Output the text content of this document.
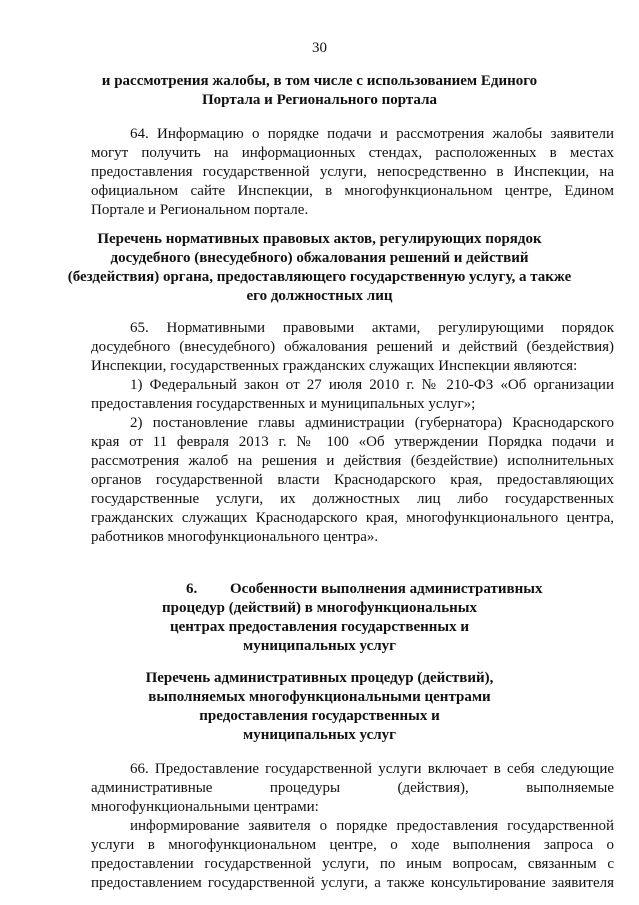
30
и рассмотрения жалобы, в том числе с использованием Единого
Портала и Регионального портала
64. Информацию о порядке подачи и рассмотрения жалобы заявители
могут получить на информационных стендах, расположенных в местах
предоставления государственной услуги, непосредственно в Инспекции, на
официальном сайте Инспекции, в многофункциональном центре, Едином
Портале и Региональном портале.
Перечень нормативных правовых актов, регулирующих порядок
досудебного (внесудебного) обжалования решений и действий
(бездействия) органа, предоставляющего государственную услугу, а также
его должностных лиц
65. Нормативными правовыми актами, регулирующими порядок
досудебного (внесудебного) обжалования решений и действий (бездействия)
Инспекции, государственных гражданских служащих Инспекции являются:
1) Федеральный закон от 27 июля 2010 г. № 210-ФЗ «Об организации
предоставления государственных и муниципальных услуг»;
2) постановление главы администрации (губернатора) Краснодарского
края от 11 февраля 2013 г. № 100 «Об утверждении Порядка подачи и
рассмотрения жалоб на решения и действия (бездействие) исполнительных
органов государственной власти Краснодарского края, предоставляющих
государственные услуги, их должностных лиц либо государственных
гражданских служащих Краснодарского края, многофункционального центра,
работников многофункционального центра».
6. Особенности выполнения административных
процедур (действий) в многофункциональных
центрах предоставления государственных и
муниципальных услуг
Перечень административных процедур (действий),
выполняемых многофункциональными центрами
предоставления государственных и
муниципальных услуг
66. Предоставление государственной услуги включает в себя следующие
административные процедуры (действия), выполняемые
многофункциональными центрами:
информирование заявителя о порядке предоставления государственной
услуги в многофункциональном центре, о ходе выполнения запроса о
предоставлении государственной услуги, по иным вопросам, связанным с
предоставлением государственной услуги, а также консультирование заявителя
